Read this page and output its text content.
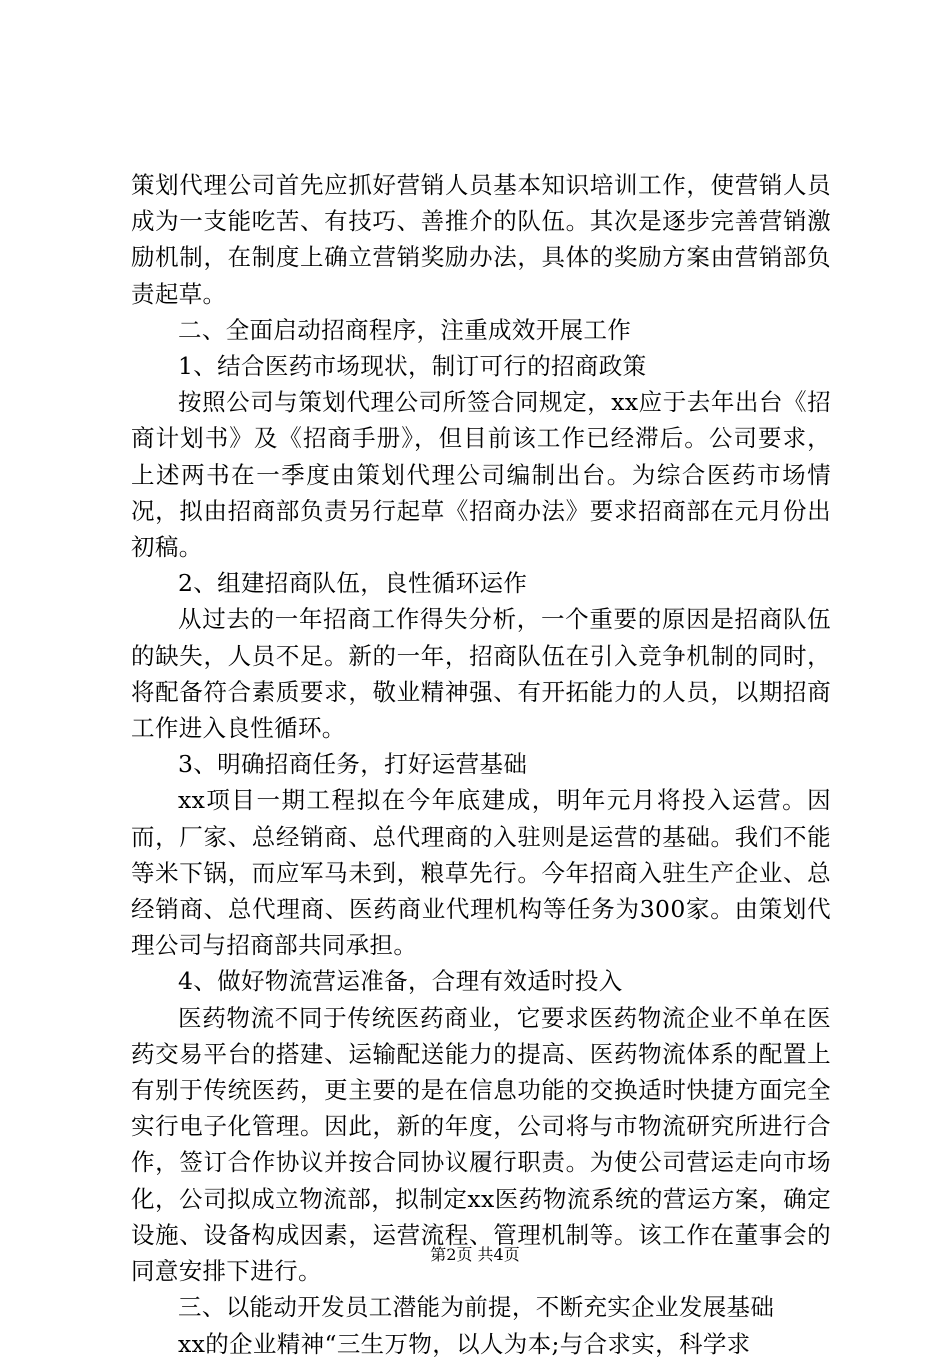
策划代理公司首先应抓好营销人员基本知识培训工作，使营销人员成为一支能吃苦、有技巧、善推介的队伍。其次是逐步完善营销激励机制，在制度上确立营销奖励办法，具体的奖励方案由营销部负责起草。

二、全面启动招商程序，注重成效开展工作

1、结合医药市场现状，制订可行的招商政策

按照公司与策划代理公司所签合同规定，xx应于去年出台《招商计划书》及《招商手册》，但目前该工作已经滞后。公司要求，上述两书在一季度由策划代理公司编制出台。为综合医药市场情况，拟由招商部负责另行起草《招商办法》要求招商部在元月份出初稿。

2、组建招商队伍，良性循环运作

从过去的一年招商工作得失分析，一个重要的原因是招商队伍的缺失，人员不足。新的一年，招商队伍在引入竞争机制的同时，将配备符合素质要求，敬业精神强、有开拓能力的人员，以期招商工作进入良性循环。

3、明确招商任务，打好运营基础

xx项目一期工程拟在今年底建成，明年元月将投入运营。因而，厂家、总经销商、总代理商的入驻则是运营的基础。我们不能等米下锅，而应军马未到，粮草先行。今年招商入驻生产企业、总经销商、总代理商、医药商业代理机构等任务为300家。由策划代理公司与招商部共同承担。

4、做好物流营运准备，合理有效适时投入

医药物流不同于传统医药商业，它要求医药物流企业不单在医药交易平台的搭建、运输配送能力的提高、医药物流体系的配置上有别于传统医药，更主要的是在信息功能的交换适时快捷方面完全实行电子化管理。因此，新的年度，公司将与市物流研究所进行合作，签订合作协议并按合同协议履行职责。为使公司营运走向市场化，公司拟成立物流部，拟制定xx医药物流系统的营运方案，确定设施、设备构成因素，运营流程、管理机制等。该工作在董事会的同意安排下进行。

三、以能动开发员工潜能为前提，不断充实企业发展基础

xx的企业精神“三生万物，以人为本;与合求实，科学求

第2页 共4页
